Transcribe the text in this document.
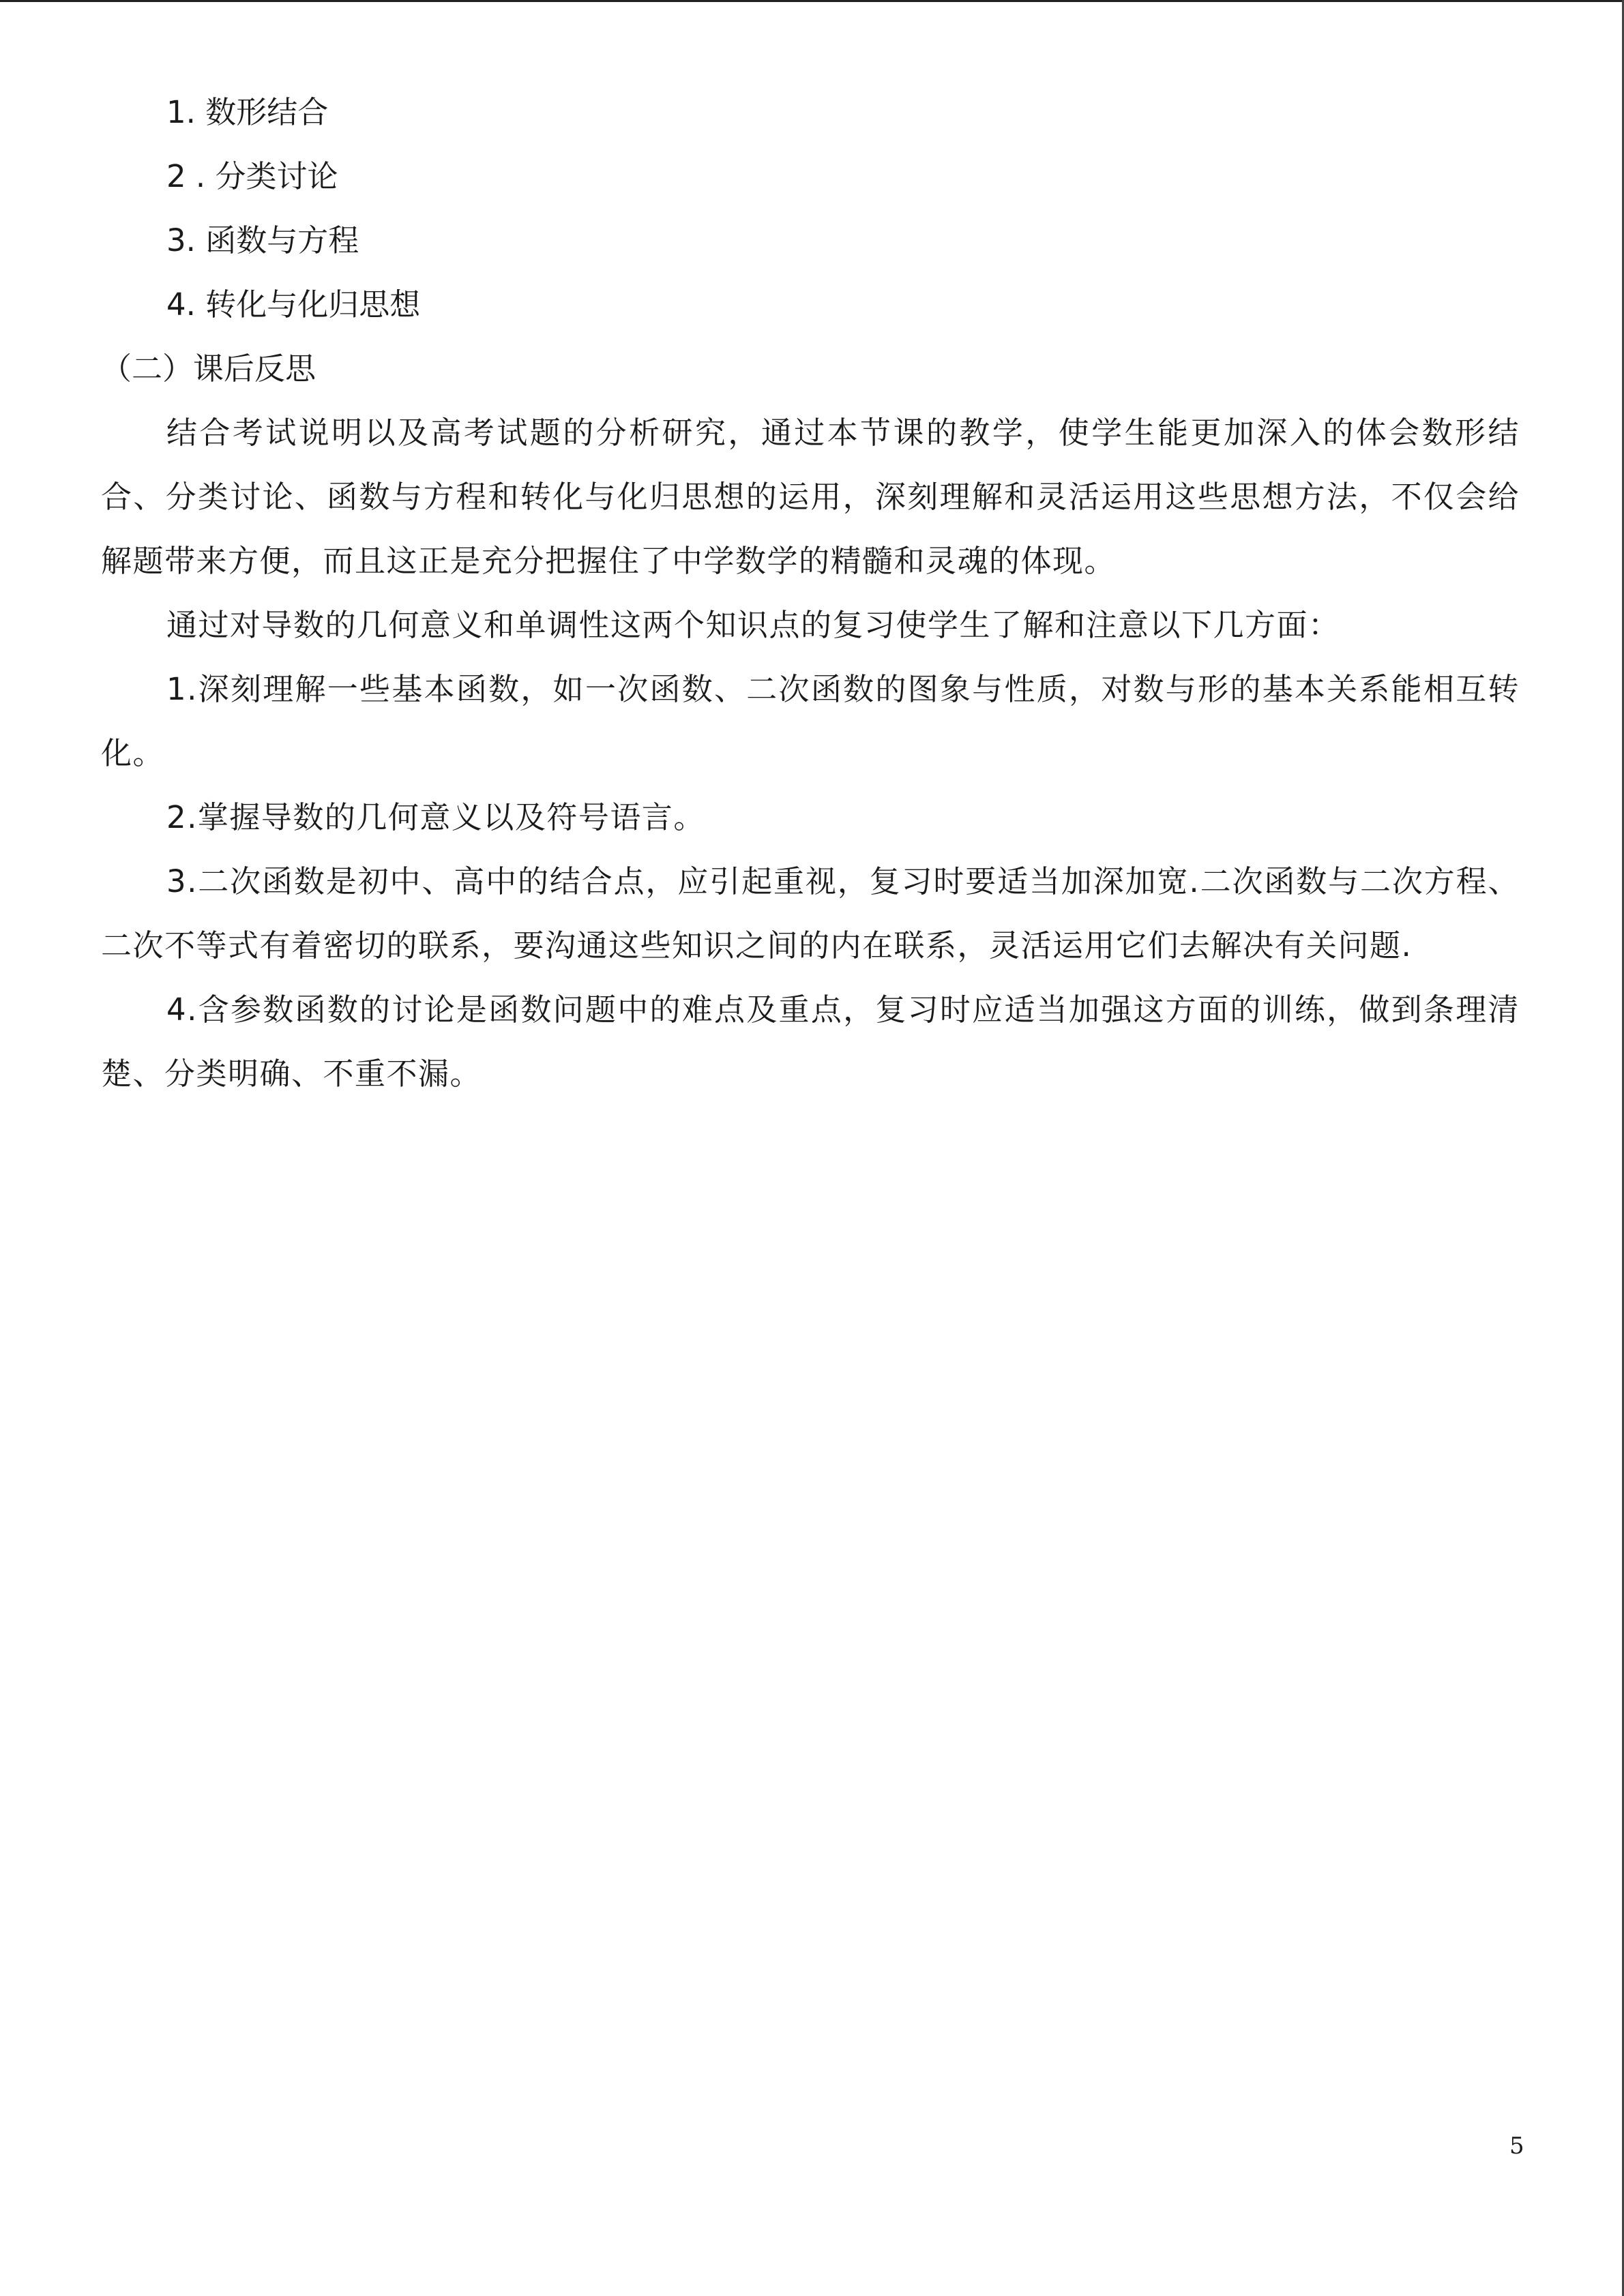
1. 数形结合
2 . 分类讨论
3. 函数与方程
4. 转化与化归思想
（二）课后反思

结合考试说明以及高考试题的分析研究，通过本节课的教学，使学生能更加深入的体会数形结合、分类讨论、函数与方程和转化与化归思想的运用，深刻理解和灵活运用这些思想方法，不仅会给解题带来方便，而且这正是充分把握住了中学数学的精髓和灵魂的体现。

通过对导数的几何意义和单调性这两个知识点的复习使学生了解和注意以下几方面：

1.深刻理解一些基本函数，如一次函数、二次函数的图象与性质，对数与形的基本关系能相互转化。

2.掌握导数的几何意义以及符号语言。

3.二次函数是初中、高中的结合点，应引起重视，复习时要适当加深加宽.二次函数与二次方程、二次不等式有着密切的联系，要沟通这些知识之间的内在联系，灵活运用它们去解决有关问题.

4.含参数函数的讨论是函数问题中的难点及重点，复习时应适当加强这方面的训练，做到条理清楚、分类明确、不重不漏。

5
